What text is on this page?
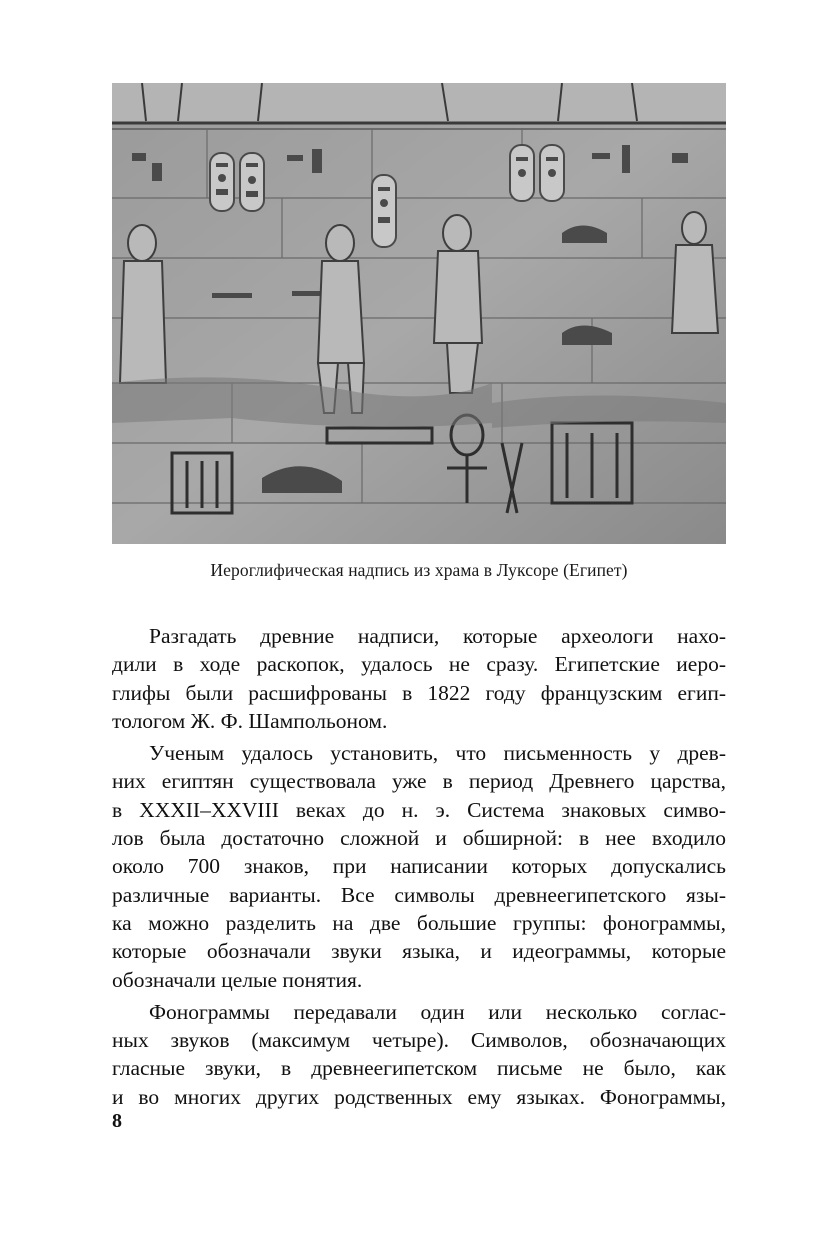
Иероглифическая надпись из храма в Луксоре (Египет)

Разгадать древние надписи, которые археологи нахо-
дили в ходе раскопок, удалось не сразу. Египетские иеро-
глифы были расшифрованы в 1822 году французским егип-
тологом Ж. Ф. Шампольоном.

Ученым удалось установить, что письменность у древ-
них египтян существовала уже в период Древнего царства,
в XXXII–XXVIII веках до н. э. Система знаковых симво-
лов была достаточно сложной и обширной: в нее входило
около 700 знаков, при написании которых допускались
различные варианты. Все символы древнеегипетского язы-
ка можно разделить на две большие группы: фонограммы,
которые обозначали звуки языка, и идеограммы, которые
обозначали целые понятия.

Фонограммы передавали один или несколько соглас-
ных звуков (максимум четыре). Символов, обозначающих
гласные звуки, в древнеегипетском письме не было, как
и во многих других родственных ему языках. Фонограммы,

8
